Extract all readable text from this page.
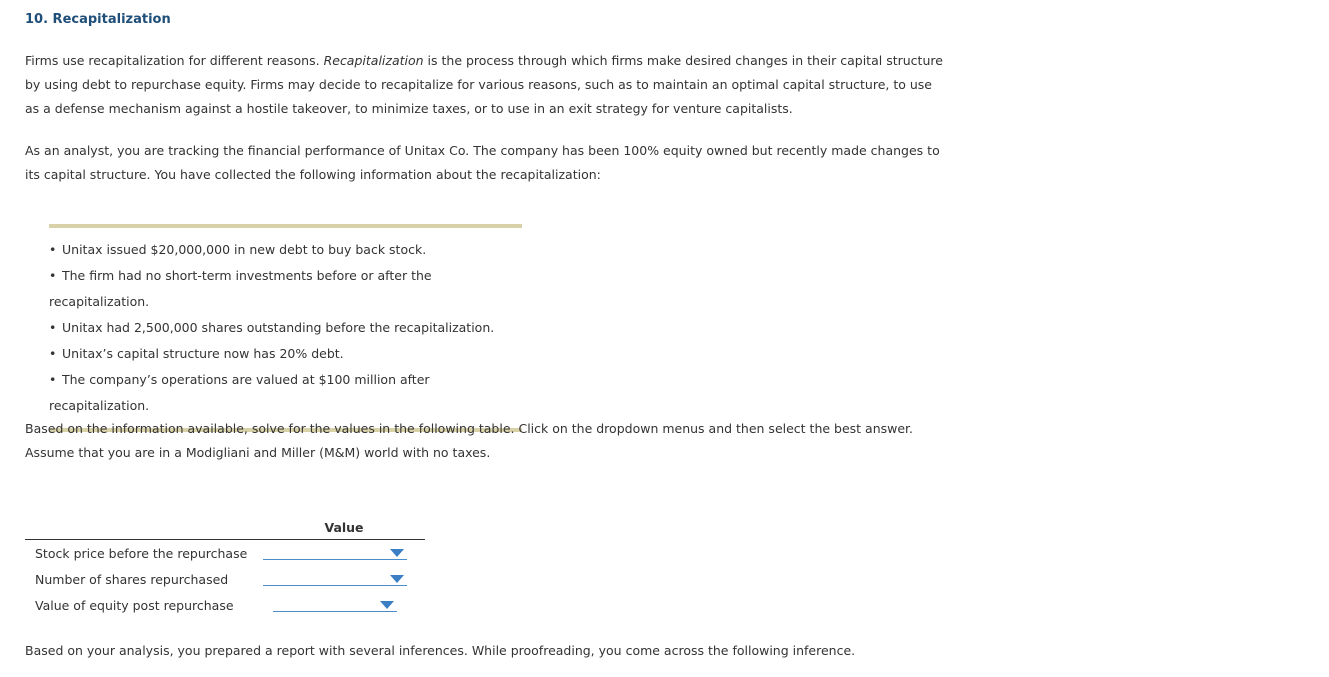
10. Recapitalization

Firms use recapitalization for different reasons. Recapitalization is the process through which firms make desired changes in their capital structure by using debt to repurchase equity. Firms may decide to recapitalize for various reasons, such as to maintain an optimal capital structure, to use as a defense mechanism against a hostile takeover, to minimize taxes, or to use in an exit strategy for venture capitalists.

As an analyst, you are tracking the financial performance of Unitax Co. The company has been 100% equity owned but recently made changes to its capital structure. You have collected the following information about the recapitalization:

• Unitax issued $20,000,000 in new debt to buy back stock.
• The firm had no short-term investments before or after the recapitalization.
• Unitax had 2,500,000 shares outstanding before the recapitalization.
• Unitax’s capital structure now has 20% debt.
• The company’s operations are valued at $100 million after recapitalization.

Based on the information available, solve for the values in the following table. Click on the dropdown menus and then select the best answer. Assume that you are in a Modigliani and Miller (M&M) world with no taxes.

	Value
Stock price before the repurchase	

Number of shares repurchased	

Value of equity post repurchase	

Based on your analysis, you prepared a report with several inferences. While proofreading, you come across the following inference.
